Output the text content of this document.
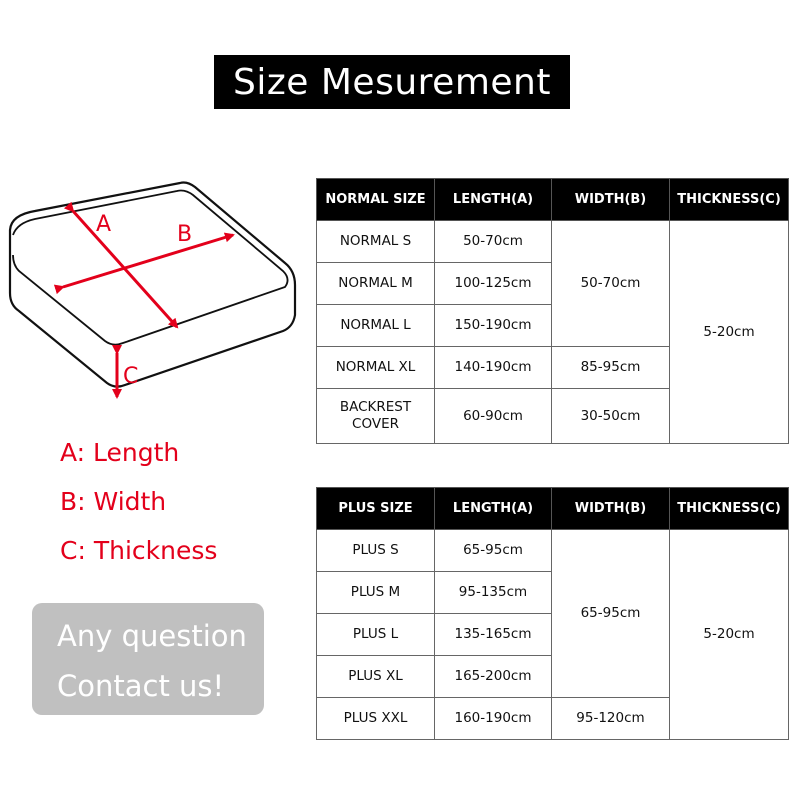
Size Mesurement
A	B
C
A: Length
B: Width
C: Thickness
Any question
Contact us!
NORMAL SIZE	LENGTH(A)	WIDTH(B)	THICKNESS(C)
NORMAL S	50-70cm	50-70cm	5-20cm
NORMAL M	100-125cm		
NORMAL L	150-190cm		
NORMAL XL	140-190cm	85-95cm	
BACKREST COVER	60-90cm	30-50cm	
PLUS SIZE	LENGTH(A)	WIDTH(B)	THICKNESS(C)
PLUS S	65-95cm	65-95cm	5-20cm
PLUS M	95-135cm		
PLUS L	135-165cm		
PLUS XL	165-200cm		
PLUS XXL	160-190cm	95-120cm	
